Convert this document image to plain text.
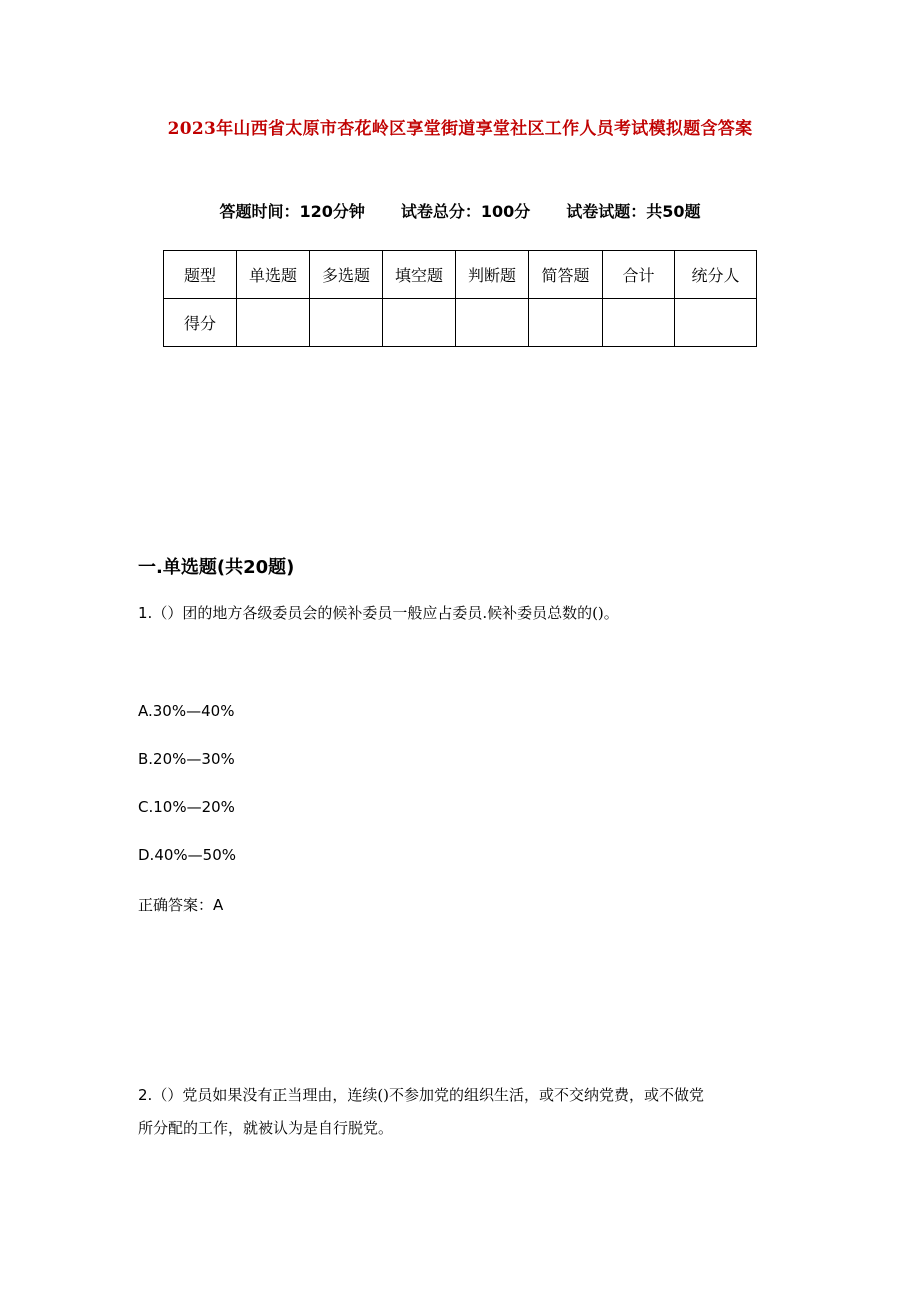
2023年山西省太原市杏花岭区享堂街道享堂社区工作人员考试模拟题含答案
答题时间：120分钟 试卷总分：100分 试卷试题：共50题
题型	单选题	多选题	填空题	判断题	简答题	合计	统分人
得分							
一.单选题(共20题)
1.（）团的地方各级委员会的候补委员一般应占委员.候补委员总数的()。
A.30%—40%
B.20%—30%
C.10%—20%
D.40%—50%
正确答案：A
2.（）党员如果没有正当理由，连续()不参加党的组织生活，或不交纳党费，或不做党
所分配的工作，就被认为是自行脱党。
